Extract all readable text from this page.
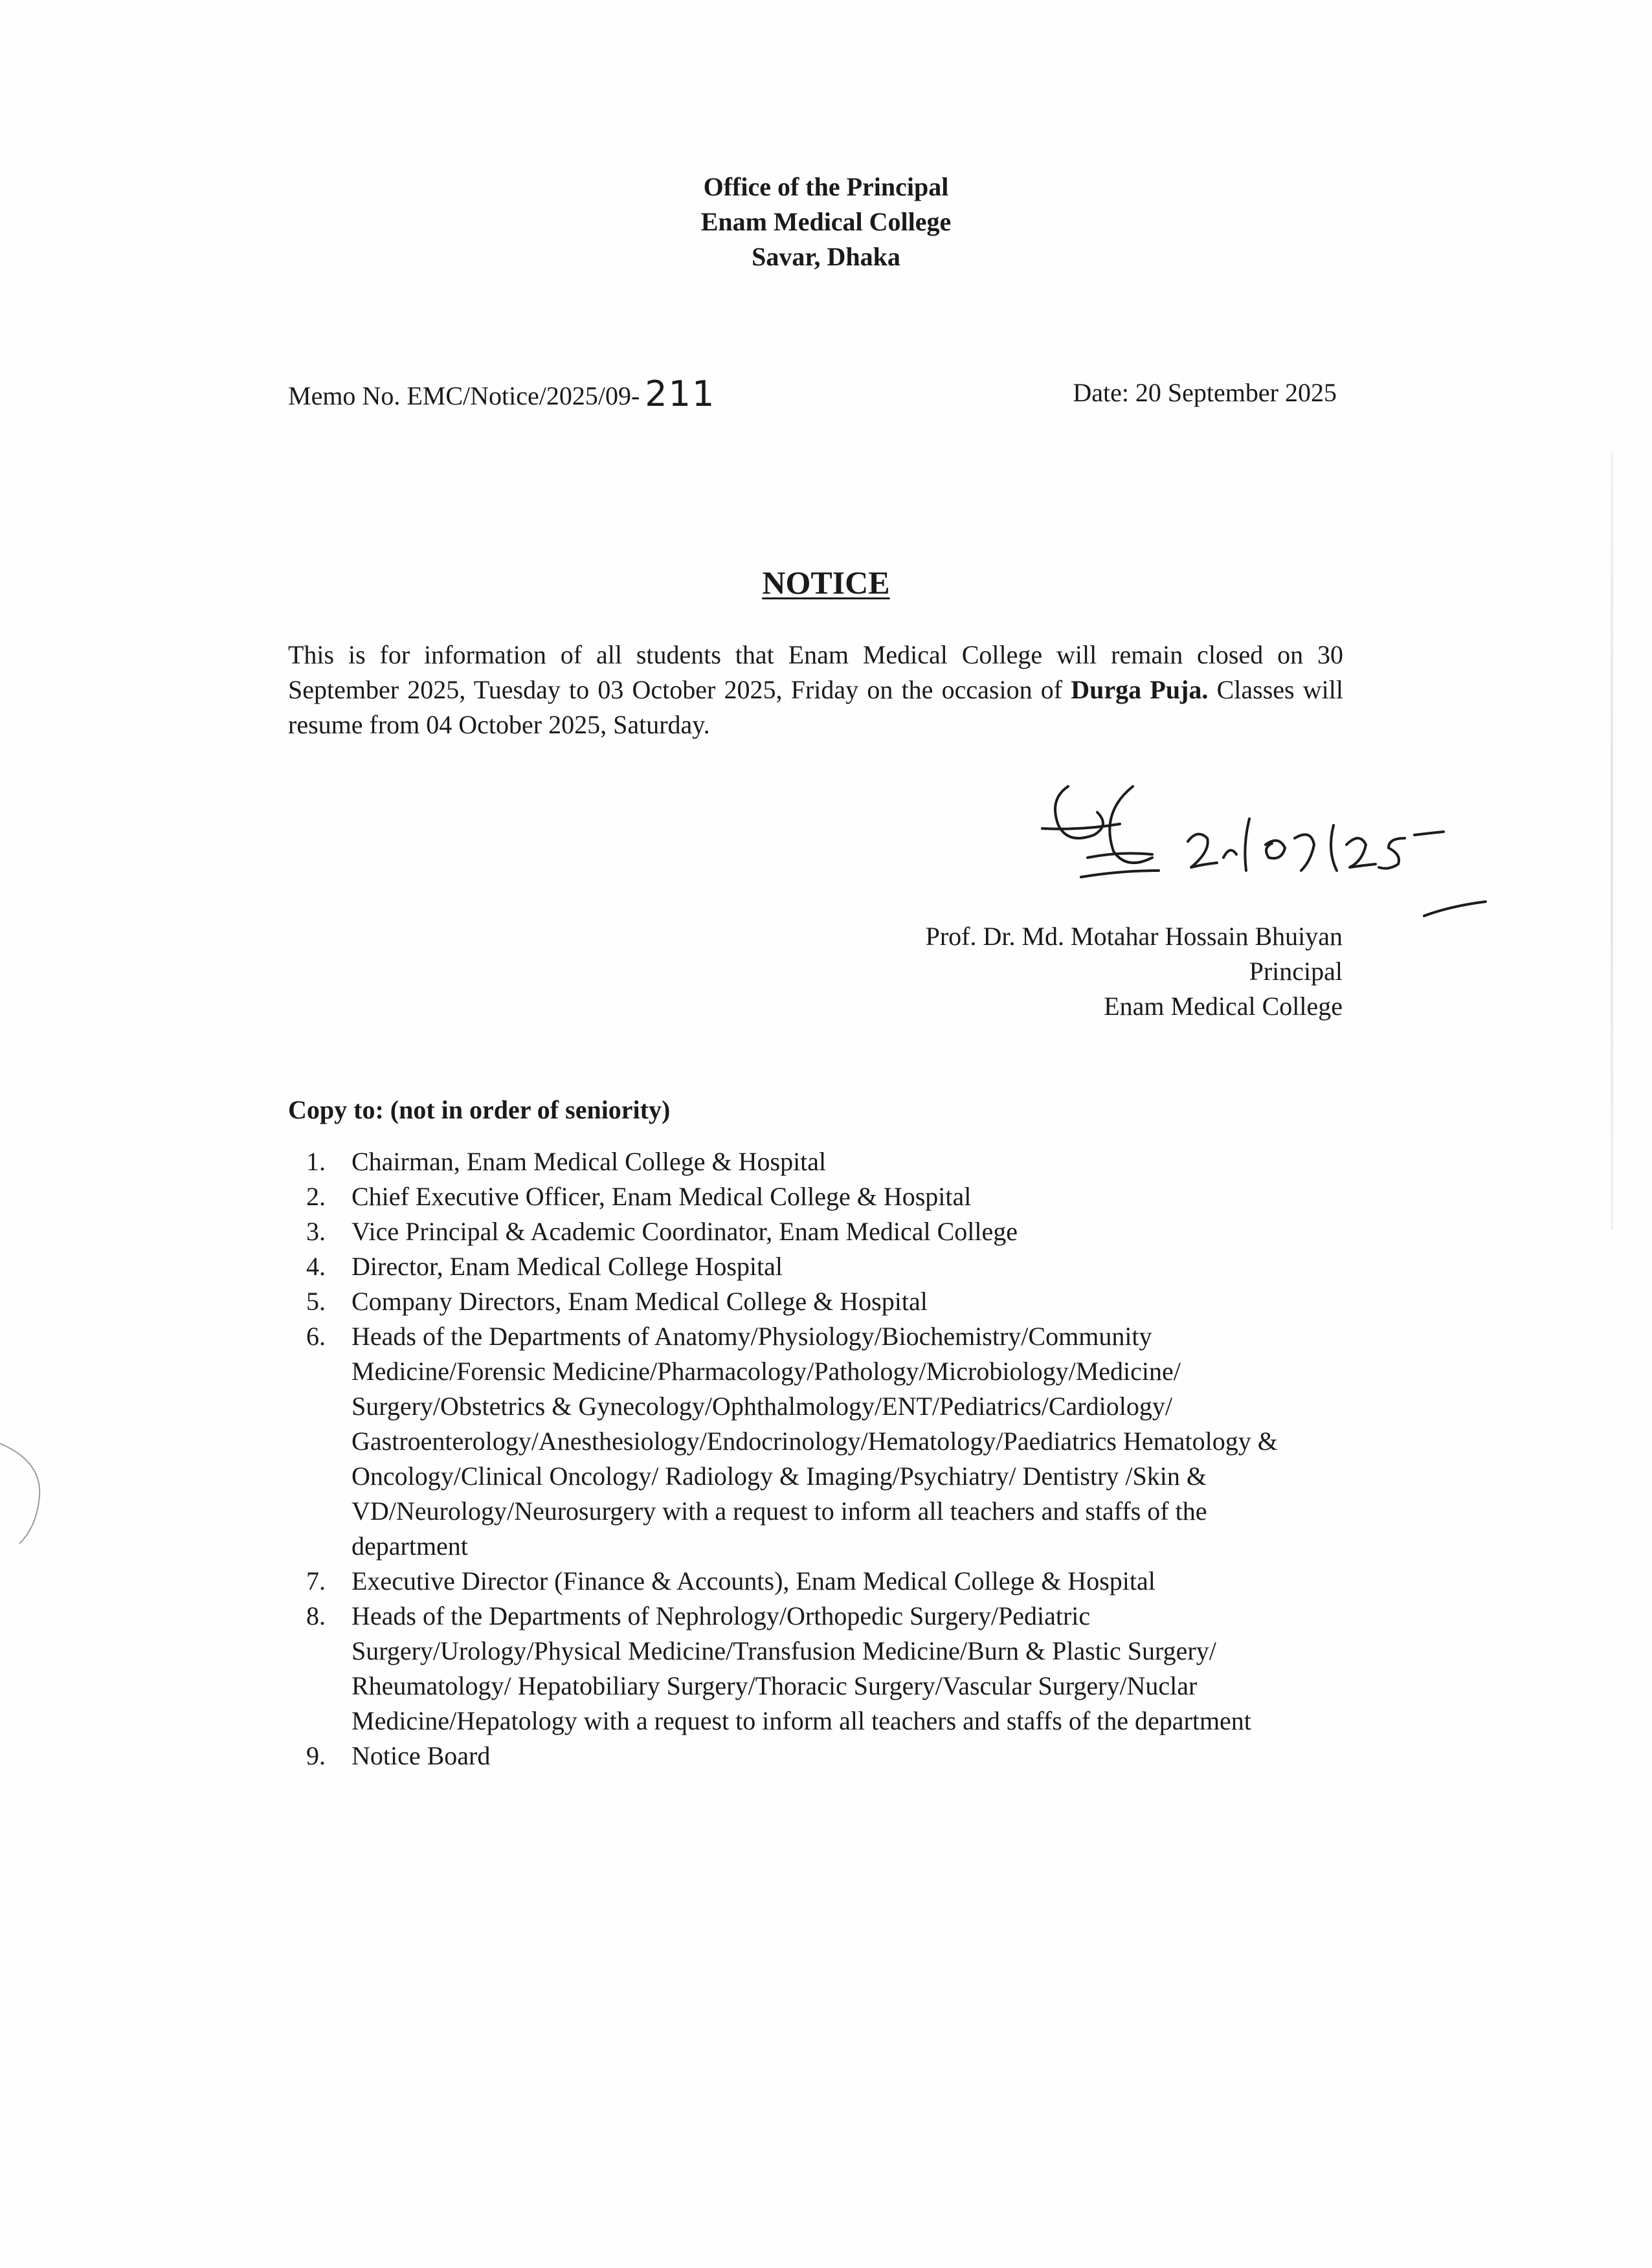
Office of the Principal
Enam Medical College
Savar, Dhaka
Memo No. EMC/Notice/2025/09- 211	Date: 20 September 2025
NOTICE
This is for information of all students that Enam Medical College will remain closed on 30 September 2025, Tuesday to 03 October 2025, Friday on the occasion of Durga Puja. Classes will resume from 04 October 2025, Saturday.
Prof. Dr. Md. Motahar Hossain Bhuiyan
Principal
Enam Medical College
Copy to: (not in order of seniority)
1. Chairman, Enam Medical College & Hospital
2. Chief Executive Officer, Enam Medical College & Hospital
3. Vice Principal & Academic Coordinator, Enam Medical College
4. Director, Enam Medical College Hospital
5. Company Directors, Enam Medical College & Hospital
6. Heads of the Departments of Anatomy/Physiology/Biochemistry/Community Medicine/Forensic Medicine/Pharmacology/Pathology/Microbiology/Medicine/ Surgery/Obstetrics & Gynecology/Ophthalmology/ENT/Pediatrics/Cardiology/ Gastroenterology/Anesthesiology/Endocrinology/Hematology/Paediatrics Hematology & Oncology/Clinical Oncology/ Radiology & Imaging/Psychiatry/ Dentistry /Skin & VD/Neurology/Neurosurgery with a request to inform all teachers and staffs of the department
7. Executive Director (Finance & Accounts), Enam Medical College & Hospital
8. Heads of the Departments of Nephrology/Orthopedic Surgery/Pediatric Surgery/Urology/Physical Medicine/Transfusion Medicine/Burn & Plastic Surgery/ Rheumatology/ Hepatobiliary Surgery/Thoracic Surgery/Vascular Surgery/Nuclar Medicine/Hepatology with a request to inform all teachers and staffs of the department
9. Notice Board
